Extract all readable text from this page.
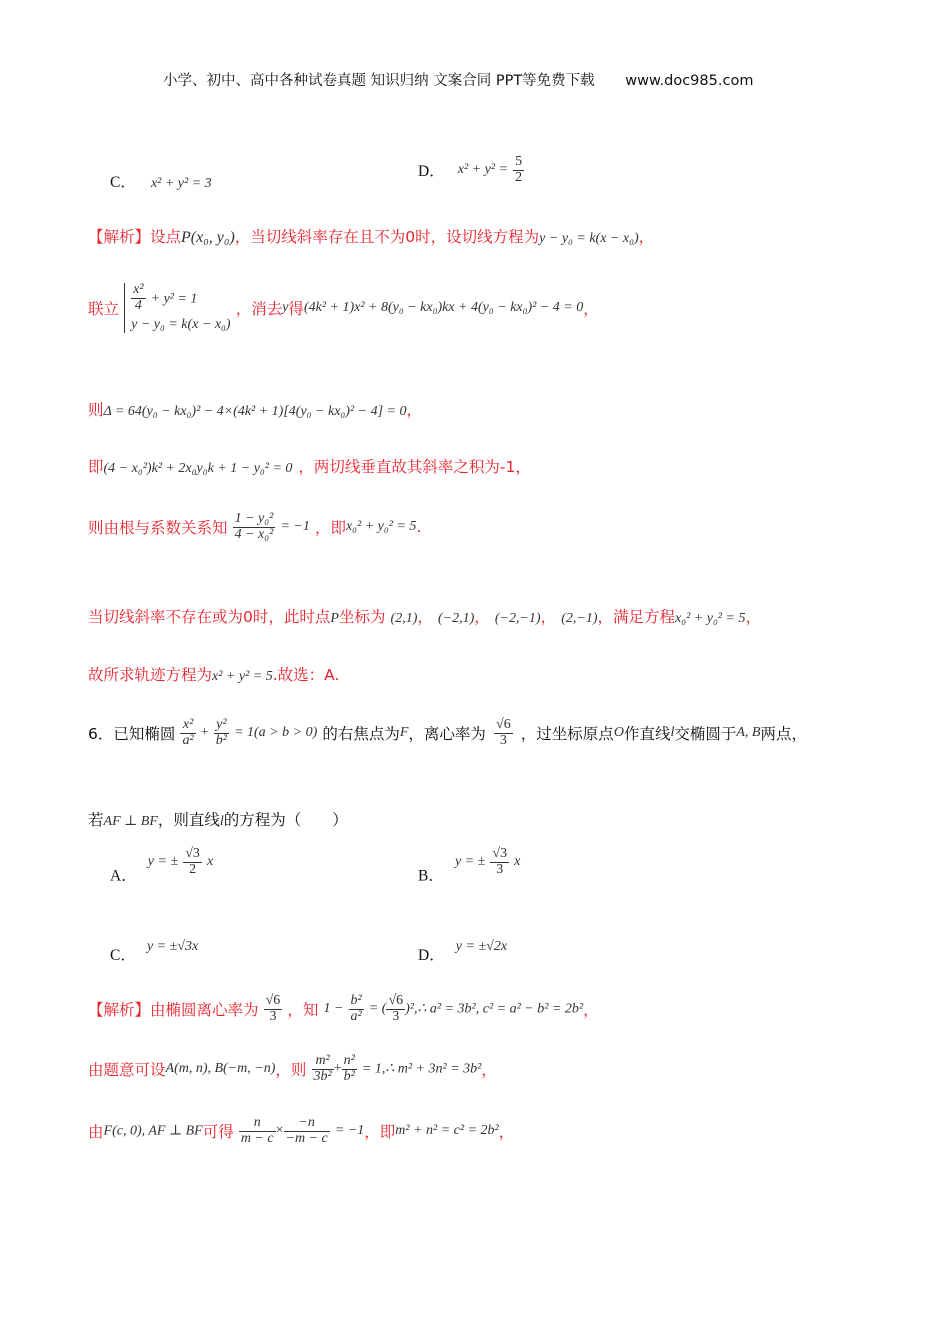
小学、初中、高中各种试卷真题 知识归纳 文案合同 PPT等免费下载 www.doc985.com
C． x² + y² = 3
D． $x^2 + y^2 = \frac{5}{2}$
【解析】设点P(x₀, y₀)，当切线斜率存在且不为0时，设切线方程为y − y₀ = k(x − x₀)，
联立 $\frac{\text{x²}}{4} + y^2 = 1$
y − y₀ = k(x − x₀)
，消去y得(4k² + 1)x² + 8(y₀ − kx₀)kx + 4(y₀ − kx₀)² − 4 = 0，
则Δ = 64(y₀ − kx₀)² − 4×(4k² + 1)[4(y₀ − kx₀)² − 4] = 0，
即(4 − x₀²)k² + 2x₀y₀k + 1 − y₀² = 0 ，两切线垂直故其斜率之积为-1，
则由根与系数关系知 $\frac{\text{1 − y₀²}}{\text{4 − x₀²}} = -1$ ，即x₀² + y₀² = 5.
当切线斜率不存在或为0时，此时点P坐标为 (2,1)， (−2,1)， (−2,−1)， (2,−1)，满足方程x₀² + y₀² = 5，
故所求轨迹方程为x² + y² = 5.故选：A.
6．已知椭圆 $\frac{\text{x²}}{\text{a²}} + \frac{\text{y²}}{\text{b²}} = 1(a > b > 0)$ 的右焦点为F，离心率为 $\frac{√6}{3}$ ，过坐标原点O作直线l交椭圆于A, B两点，
若AF ⊥ BF，则直线l的方程为（　　）
A． y = ± $\frac{√3}{2}$ x
B． y = ± $\frac{√3}{3}$ x
C． y = ±√3x
D． y = ±√2x
【解析】由椭圆离心率为 $\frac{√6}{3}$ ，知 $1 - \frac{\text{b²}}{\text{a²}}$ = ( $\frac{√6}{3}$ )²,∴ a² = 3b², c² = a² − b² = 2b²，
由题意可设A(m, n), B(−m, −n)，则 $\frac{\text{m²}}{\text{3b²}} + \frac{\text{n²}}{\text{b²}}$ = 1,∴ m² + 3n² = 3b²，
由F(c, 0), AF ⊥ BF可得 $\frac{n}{m - c} \times \frac{-n}{-m - c} = -1$，即m² + n² = c² = 2b²，
